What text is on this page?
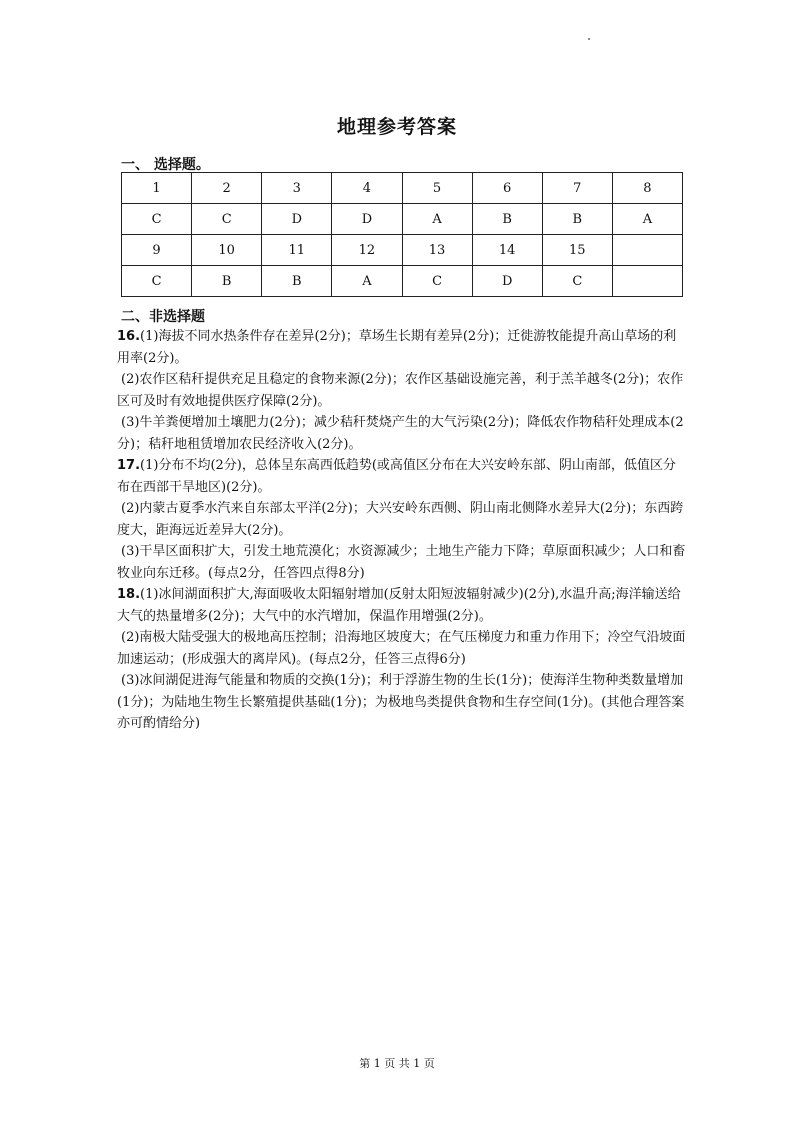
地理参考答案
一、 选择题。
1	2	3	4	5	6	7	8
C	C	D	D	A	B	B	A
9	10	11	12	13	14	15	
C	B	B	A	C	D	C	
二、非选择题

16.(1)海拔不同水热条件存在差异(2分)；草场生长期有差异(2分)；迁徙游牧能提升高山草场的利用率(2分)。

(2)农作区秸秆提供充足且稳定的食物来源(2分)；农作区基础设施完善，利于羔羊越冬(2分)；农作区可及时有效地提供医疗保障(2分)。

(3)牛羊粪便增加土壤肥力(2分)；减少秸秆焚烧产生的大气污染(2分)；降低农作物秸秆处理成本(2分)；秸秆地租赁增加农民经济收入(2分)。

17.(1)分布不均(2分)，总体呈东高西低趋势(或高值区分布在大兴安岭东部、阴山南部，低值区分布在西部干旱地区)(2分)。

(2)内蒙古夏季水汽来自东部太平洋(2分)；大兴安岭东西侧、阴山南北侧降水差异大(2分)；东西跨度大，距海远近差异大(2分)。

(3)干旱区面积扩大，引发土地荒漠化；水资源减少；土地生产能力下降；草原面积减少；人口和畜牧业向东迁移。(每点2分，任答四点得8分)

18.(1)冰间湖面积扩大,海面吸收太阳辐射增加(反射太阳短波辐射减少)(2分),水温升高;海洋输送给大气的热量增多(2分)；大气中的水汽增加，保温作用增强(2分)。

(2)南极大陆受强大的极地高压控制；沿海地区坡度大；在气压梯度力和重力作用下；冷空气沿坡面加速运动；(形成强大的离岸风)。(每点2分，任答三点得6分)

(3)冰间湖促进海气能量和物质的交换(1分)；利于浮游生物的生长(1分)；使海洋生物种类数量增加(1分)；为陆地生物生长繁殖提供基础(1分)；为极地鸟类提供食物和生存空间(1分)。(其他合理答案亦可酌情给分)

第 1 页 共 1 页
